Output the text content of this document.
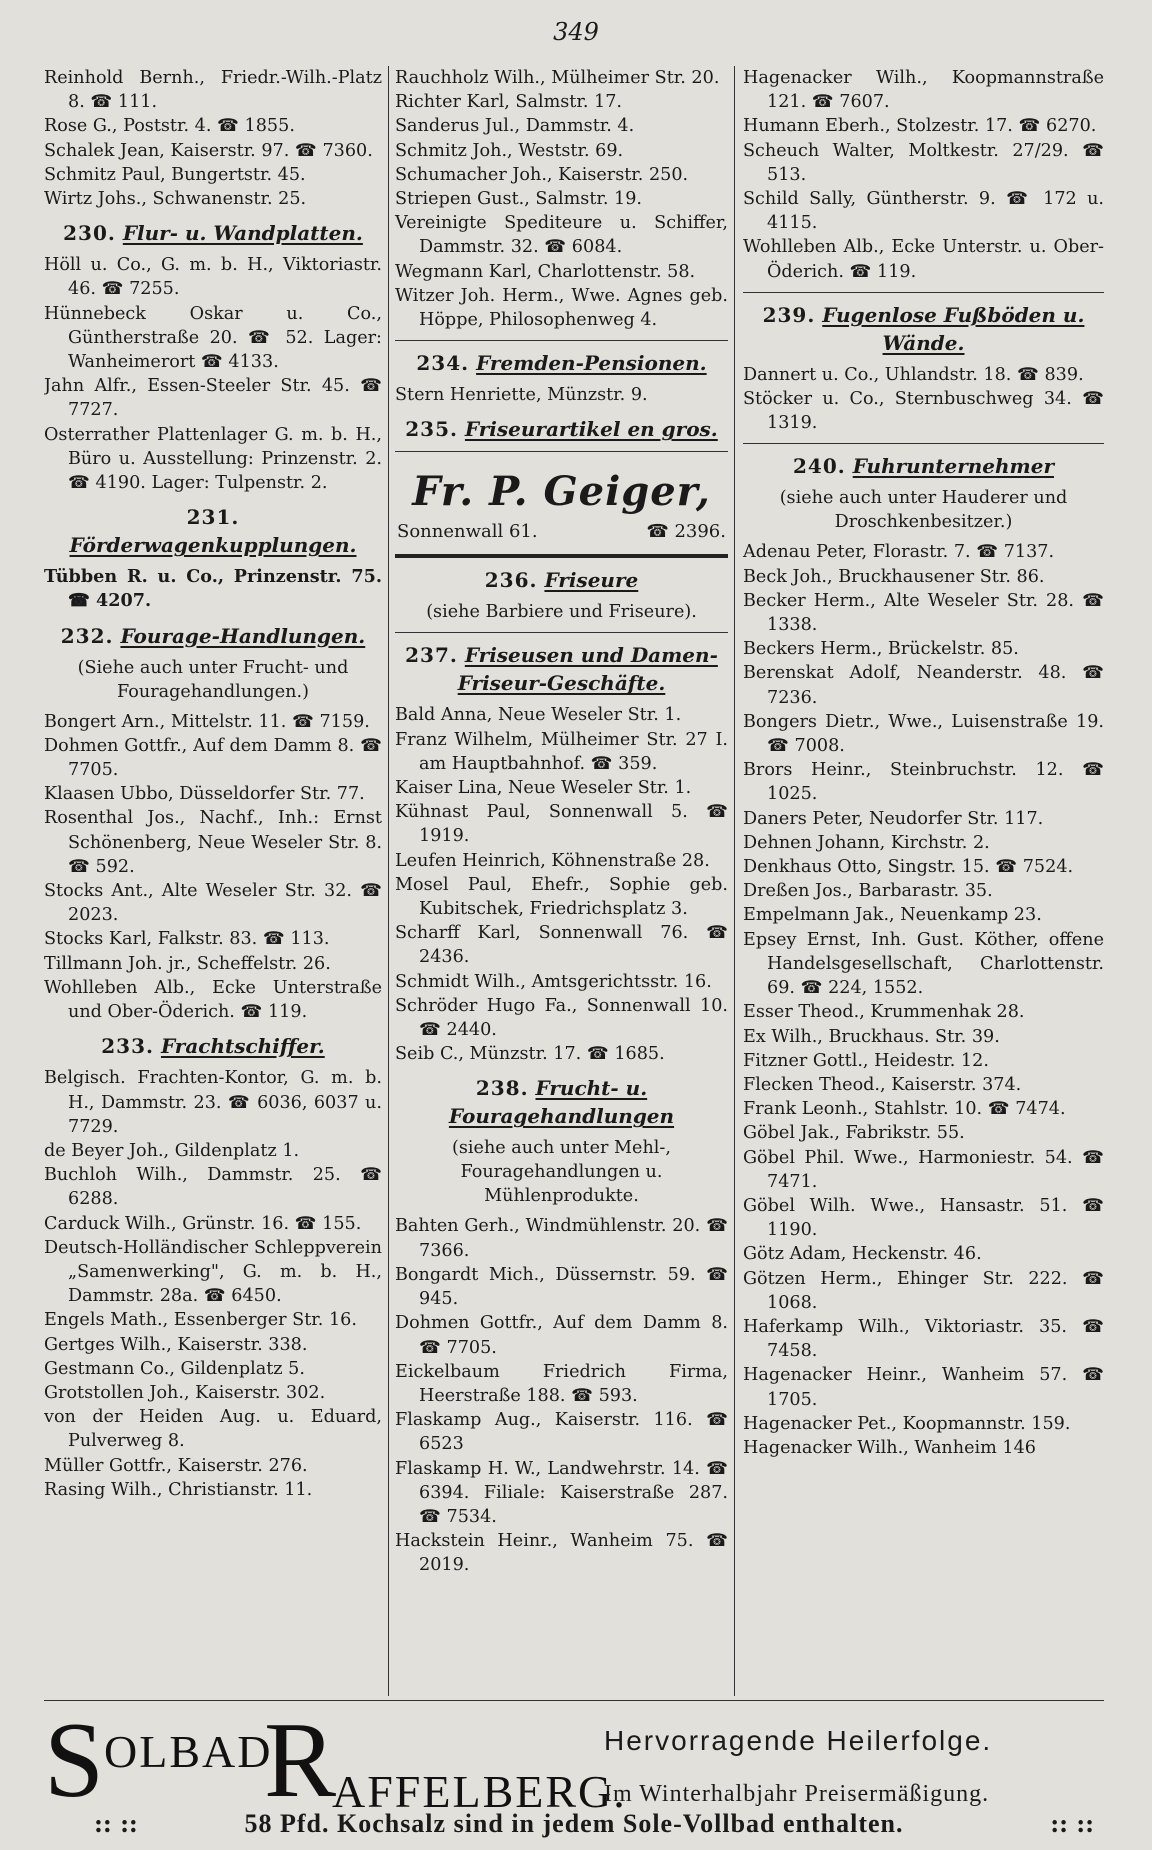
349

Reinhold Bernh., Friedr.-Wilh.-Platz 8. ☎ 111.

Rose G., Poststr. 4. ☎ 1855.

Schalek Jean, Kaiserstr. 97. ☎ 7360.

Schmitz Paul, Bungertstr. 45.

Wirtz Johs., Schwanenstr. 25.

230. Flur- u. Wandplatten.

Höll u. Co., G. m. b. H., Viktoriastr. 46. ☎ 7255.

Hünnebeck Oskar u. Co., Güntherstraße 20. ☎ 52. Lager: Wanheimerort ☎ 4133.

Jahn Alfr., Essen-Steeler Str. 45. ☎ 7727.

Osterrather Plattenlager G. m. b. H., Büro u. Ausstellung: Prinzenstr. 2. ☎ 4190. Lager: Tulpenstr. 2.

231. Förderwagenkupplungen.

Tübben R. u. Co., Prinzenstr. 75. ☎ 4207.

232. Fourage-Handlungen.
(Siehe auch unter Frucht- und Fouragehandlungen.)

Bongert Arn., Mittelstr. 11. ☎ 7159.

Dohmen Gottfr., Auf dem Damm 8. ☎ 7705.

Klaasen Ubbo, Düsseldorfer Str. 77.

Rosenthal Jos., Nachf., Inh.: Ernst Schönenberg, Neue Weseler Str. 8. ☎ 592.

Stocks Ant., Alte Weseler Str. 32. ☎ 2023.

Stocks Karl, Falkstr. 83. ☎ 113.

Tillmann Joh. jr., Scheffelstr. 26.

Wohlleben Alb., Ecke Unterstraße und Ober-Öderich. ☎ 119.

233. Frachtschiffer.

Belgisch. Frachten-Kontor, G. m. b. H., Dammstr. 23. ☎ 6036, 6037 u. 7729.

de Beyer Joh., Gildenplatz 1.

Buchloh Wilh., Dammstr. 25. ☎ 6288.

Carduck Wilh., Grünstr. 16. ☎ 155.

Deutsch-Holländischer Schleppverein „Samenwerking", G. m. b. H., Dammstr. 28a. ☎ 6450.

Engels Math., Essenberger Str. 16.

Gertges Wilh., Kaiserstr. 338.

Gestmann Co., Gildenplatz 5.

Grotstollen Joh., Kaiserstr. 302.

von der Heiden Aug. u. Eduard, Pulverweg 8.

Müller Gottfr., Kaiserstr. 276.

Rasing Wilh., Christianstr. 11.

Rauchholz Wilh., Mülheimer Str. 20.

Richter Karl, Salmstr. 17.

Sanderus Jul., Dammstr. 4.

Schmitz Joh., Weststr. 69.

Schumacher Joh., Kaiserstr. 250.

Striepen Gust., Salmstr. 19.

Vereinigte Spediteure u. Schiffer, Dammstr. 32. ☎ 6084.

Wegmann Karl, Charlottenstr. 58.

Witzer Joh. Herm., Wwe. Agnes geb. Höppe, Philosophenweg 4.

234. Fremden-Pensionen.

Stern Henriette, Münzstr. 9.

235. Friseurartikel en gros.
Fr. P. Geiger,
Sonnenwall 61.	☎ 2396.
236. Friseure
(siehe Barbiere und Friseure).
237. Friseusen und Damen-Friseur-Geschäfte.

Bald Anna, Neue Weseler Str. 1.

Franz Wilhelm, Mülheimer Str. 27 I. am Hauptbahnhof. ☎ 359.

Kaiser Lina, Neue Weseler Str. 1.

Kühnast Paul, Sonnenwall 5. ☎ 1919.

Leufen Heinrich, Köhnenstraße 28.

Mosel Paul, Ehefr., Sophie geb. Kubitschek, Friedrichsplatz 3.

Scharff Karl, Sonnenwall 76. ☎ 2436.

Schmidt Wilh., Amtsgerichtsstr. 16.

Schröder Hugo Fa., Sonnenwall 10. ☎ 2440.

Seib C., Münzstr. 17. ☎ 1685.

238. Frucht- u. Fouragehandlungen
(siehe auch unter Mehl-, Fouragehandlungen u. Mühlenprodukte.

Bahten Gerh., Windmühlenstr. 20. ☎ 7366.

Bongardt Mich., Düssernstr. 59. ☎ 945.

Dohmen Gottfr., Auf dem Damm 8. ☎ 7705.

Eickelbaum Friedrich Firma, Heerstraße 188. ☎ 593.

Flaskamp Aug., Kaiserstr. 116. ☎ 6523

Flaskamp H. W., Landwehrstr. 14. ☎ 6394. Filiale: Kaiserstraße 287. ☎ 7534.

Hackstein Heinr., Wanheim 75. ☎ 2019.

Hagenacker Wilh., Koopmannstraße 121. ☎ 7607.

Humann Eberh., Stolzestr. 17. ☎ 6270.

Scheuch Walter, Moltkestr. 27/29. ☎ 513.

Schild Sally, Güntherstr. 9. ☎ 172 u. 4115.

Wohlleben Alb., Ecke Unterstr. u. Ober-Öderich. ☎ 119.

239. Fugenlose Fußböden u. Wände.

Dannert u. Co., Uhlandstr. 18. ☎ 839.

Stöcker u. Co., Sternbuschweg 34. ☎ 1319.

240. Fuhrunternehmer
(siehe auch unter Hauderer und Droschkenbesitzer.)

Adenau Peter, Florastr. 7. ☎ 7137.

Beck Joh., Bruckhausener Str. 86.

Becker Herm., Alte Weseler Str. 28. ☎ 1338.

Beckers Herm., Brückelstr. 85.

Berenskat Adolf, Neanderstr. 48. ☎ 7236.

Bongers Dietr., Wwe., Luisenstraße 19. ☎ 7008.

Brors Heinr., Steinbruchstr. 12. ☎ 1025.

Daners Peter, Neudorfer Str. 117.

Dehnen Johann, Kirchstr. 2.

Denkhaus Otto, Singstr. 15. ☎ 7524.

Dreßen Jos., Barbarastr. 35.

Empelmann Jak., Neuenkamp 23.

Epsey Ernst, Inh. Gust. Köther, offene Handelsgesellschaft, Charlottenstr. 69. ☎ 224, 1552.

Esser Theod., Krummenhak 28.

Ex Wilh., Bruckhaus. Str. 39.

Fitzner Gottl., Heidestr. 12.

Flecken Theod., Kaiserstr. 374.

Frank Leonh., Stahlstr. 10. ☎ 7474.

Göbel Jak., Fabrikstr. 55.

Göbel Phil. Wwe., Harmoniestr. 54. ☎ 7471.

Göbel Wilh. Wwe., Hansastr. 51. ☎ 1190.

Götz Adam, Heckenstr. 46.

Götzen Herm., Ehinger Str. 222. ☎ 1068.

Haferkamp Wilh., Viktoriastr. 35. ☎ 7458.

Hagenacker Heinr., Wanheim 57. ☎ 1705.

Hagenacker Pet., Koopmannstr. 159.

Hagenacker Wilh., Wanheim 146

S OLBAD
R
AFFELBERG.
Hervorragende Heilerfolge.
Im Winterhalbjahr Preisermäßigung.
:: ::	58 Pfd. Kochsalz sind in jedem Sole-Vollbad enthalten.	:: ::
